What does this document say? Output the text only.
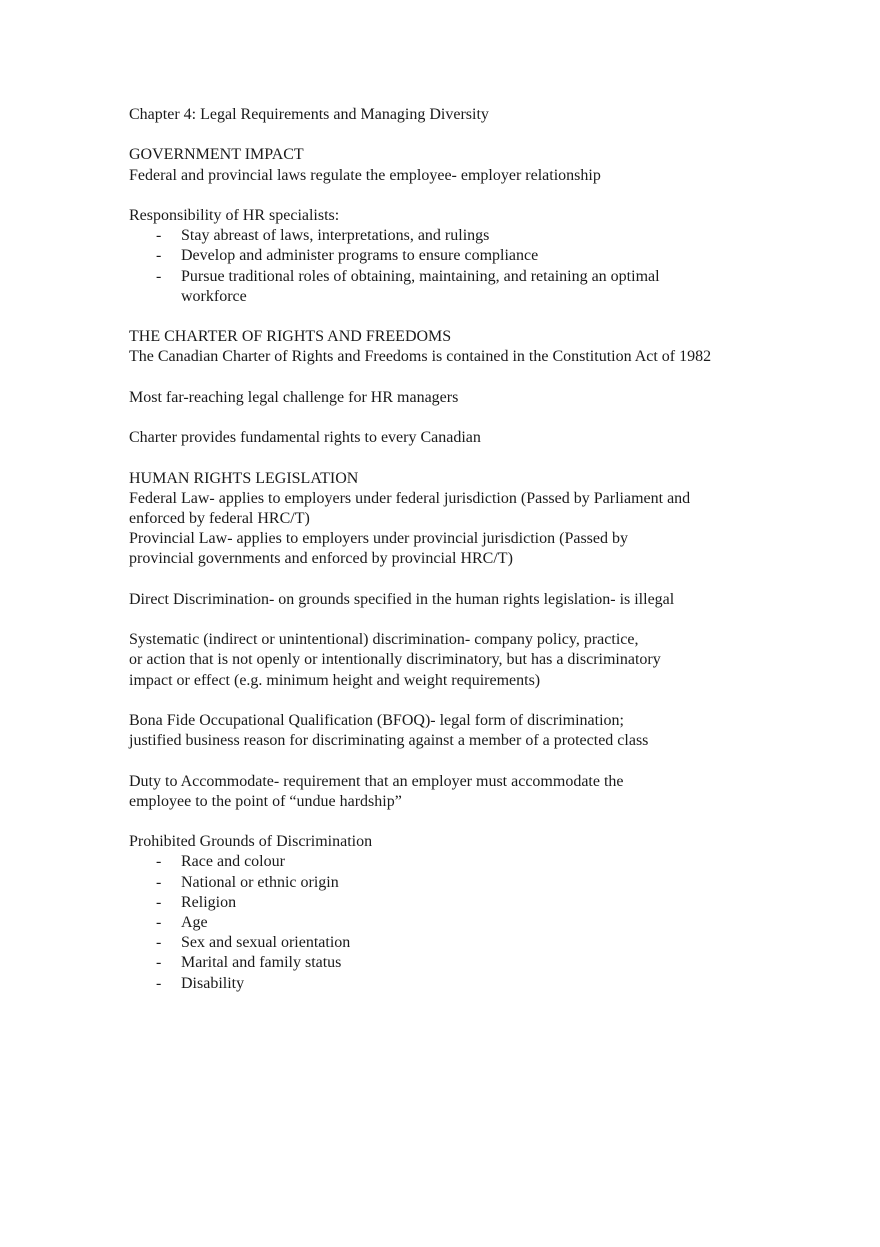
Chapter 4: Legal Requirements and Managing Diversity

GOVERNMENT IMPACT

Federal and provincial laws regulate the employee- employer relationship

Responsibility of HR specialists:

- Stay abreast of laws, interpretations, and rulings
- Develop and administer programs to ensure compliance
- Pursue traditional roles of obtaining, maintaining, and retaining an optimal workforce

THE CHARTER OF RIGHTS AND FREEDOMS

The Canadian Charter of Rights and Freedoms is contained in the Constitution Act of 1982

Most far-reaching legal challenge for HR managers

Charter provides fundamental rights to every Canadian

HUMAN RIGHTS LEGISLATION

Federal Law- applies to employers under federal jurisdiction (Passed by Parliament and enforced by federal HRC/T)

Provincial Law- applies to employers under provincial jurisdiction (Passed by provincial governments and enforced by provincial HRC/T)

Direct Discrimination- on grounds specified in the human rights legislation- is illegal

Systematic (indirect or unintentional) discrimination- company policy, practice,

or action that is not openly or intentionally discriminatory, but has a discriminatory

impact or effect (e.g. minimum height and weight requirements)

Bona Fide Occupational Qualification (BFOQ)- legal form of discrimination;

justified business reason for discriminating against a member of a protected class

Duty to Accommodate- requirement that an employer must accommodate the

employee to the point of “undue hardship”

Prohibited Grounds of Discrimination

- Race and colour
- National or ethnic origin
- Religion
- Age
- Sex and sexual orientation
- Marital and family status
- Disability
